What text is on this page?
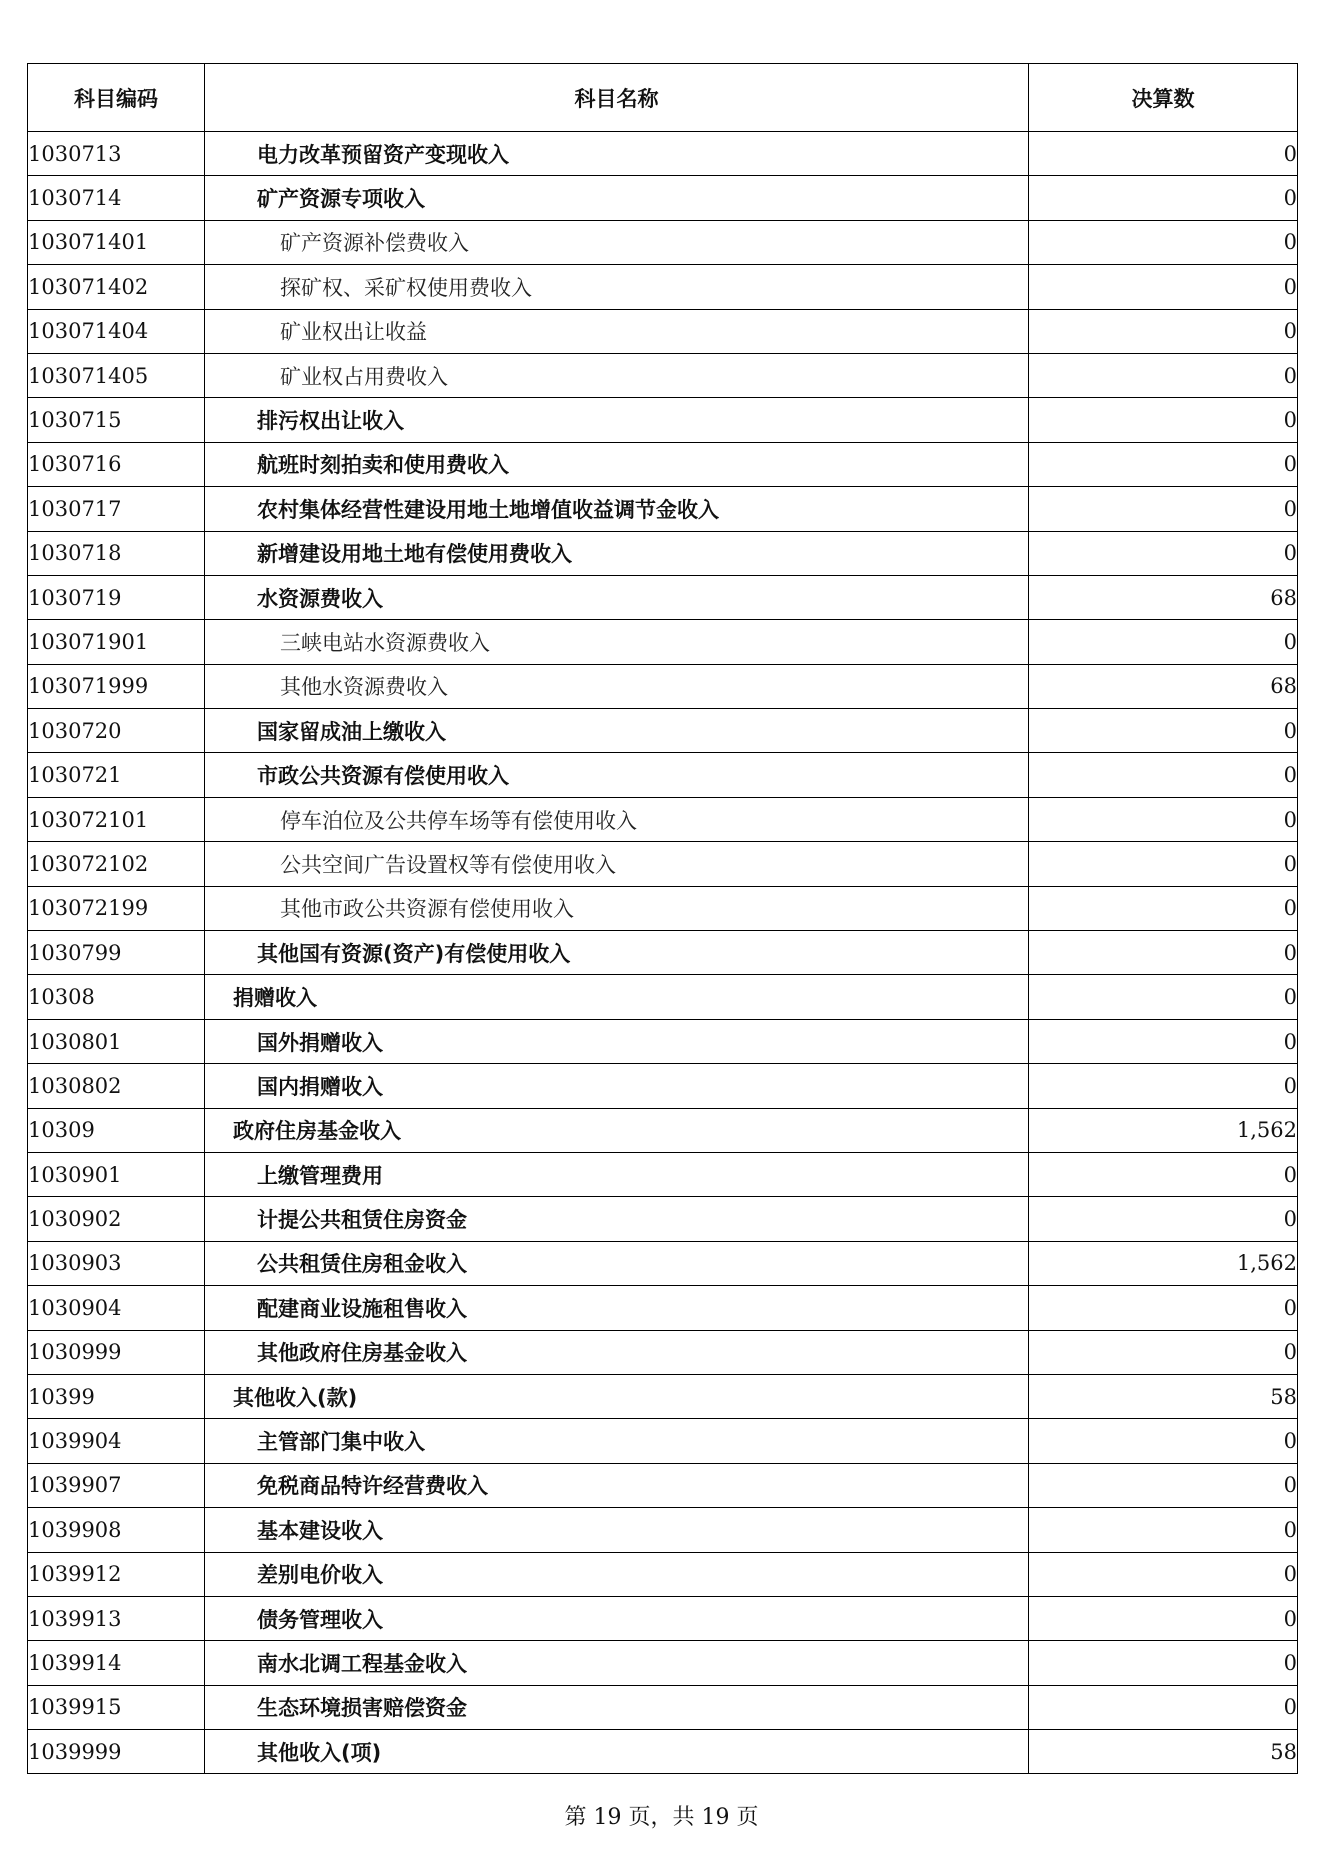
科目编码	科目名称	决算数
1030713	电力改革预留资产变现收入	0
1030714	矿产资源专项收入	0
103071401	矿产资源补偿费收入	0
103071402	探矿权、采矿权使用费收入	0
103071404	矿业权出让收益	0
103071405	矿业权占用费收入	0
1030715	排污权出让收入	0
1030716	航班时刻拍卖和使用费收入	0
1030717	农村集体经营性建设用地土地增值收益调节金收入	0
1030718	新增建设用地土地有偿使用费收入	0
1030719	水资源费收入	68
103071901	三峡电站水资源费收入	0
103071999	其他水资源费收入	68
1030720	国家留成油上缴收入	0
1030721	市政公共资源有偿使用收入	0
103072101	停车泊位及公共停车场等有偿使用收入	0
103072102	公共空间广告设置权等有偿使用收入	0
103072199	其他市政公共资源有偿使用收入	0
1030799	其他国有资源(资产)有偿使用收入	0
10308	捐赠收入	0
1030801	国外捐赠收入	0
1030802	国内捐赠收入	0
10309	政府住房基金收入	1,562
1030901	上缴管理费用	0
1030902	计提公共租赁住房资金	0
1030903	公共租赁住房租金收入	1,562
1030904	配建商业设施租售收入	0
1030999	其他政府住房基金收入	0
10399	其他收入(款)	58
1039904	主管部门集中收入	0
1039907	免税商品特许经营费收入	0
1039908	基本建设收入	0
1039912	差别电价收入	0
1039913	债务管理收入	0
1039914	南水北调工程基金收入	0
1039915	生态环境损害赔偿资金	0
1039999	其他收入(项)	58
第 19 页，共 19 页
